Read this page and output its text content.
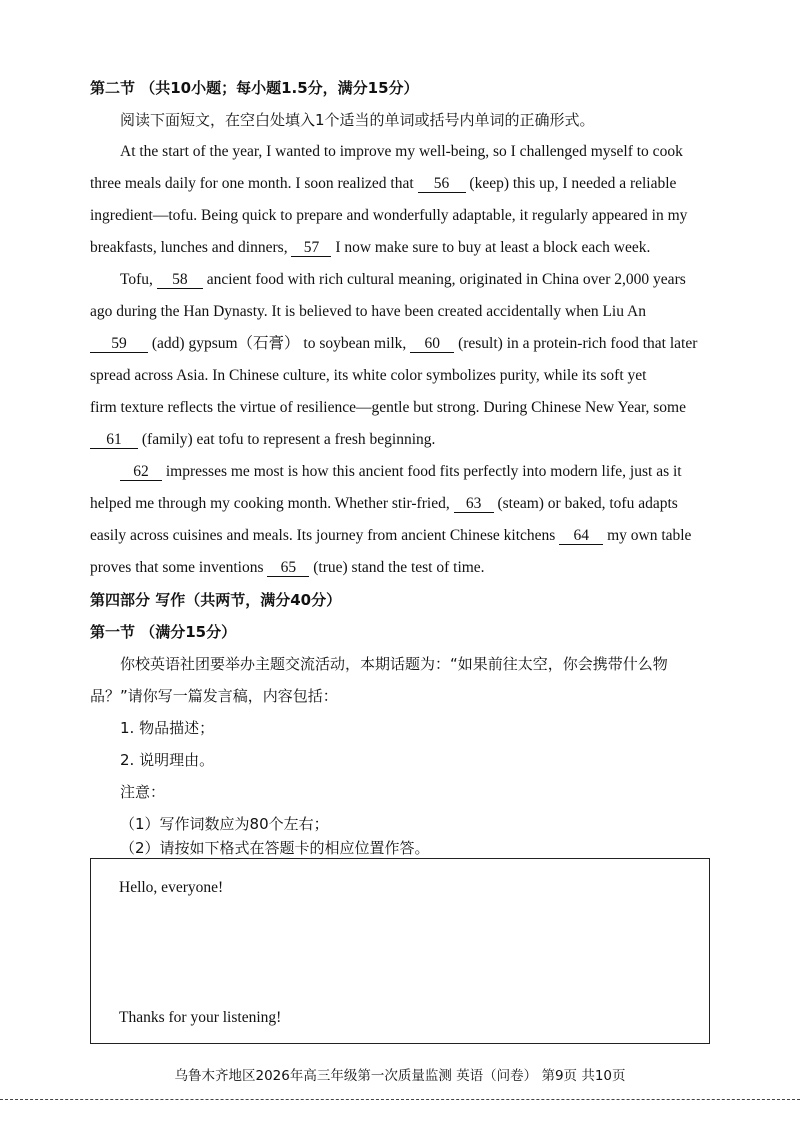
第二节 （共10小题；每小题1.5分，满分15分）
阅读下面短文，在空白处填入1个适当的单词或括号内单词的正确形式。
At the start of the year, I wanted to improve my well-being, so I challenged myself to cook
three meals daily for one month. I soon realized that 56 (keep) this up, I needed a reliable
ingredient—tofu. Being quick to prepare and wonderfully adaptable, it regularly appeared in my
breakfasts, lunches and dinners, 57 I now make sure to buy at least a block each week.
Tofu, 58 ancient food with rich cultural meaning, originated in China over 2,000 years
ago during the Han Dynasty. It is believed to have been created accidentally when Liu An
59 (add) gypsum（石膏） to soybean milk, 60 (result) in a protein-rich food that later
spread across Asia. In Chinese culture, its white color symbolizes purity, while its soft yet
firm texture reflects the virtue of resilience—gentle but strong. During Chinese New Year, some
61 (family) eat tofu to represent a fresh beginning.
62 impresses me most is how this ancient food fits perfectly into modern life, just as it
helped me through my cooking month. Whether stir-fried, 63 (steam) or baked, tofu adapts
easily across cuisines and meals. Its journey from ancient Chinese kitchens 64 my own table
proves that some inventions 65 (true) stand the test of time.
第四部分 写作（共两节，满分40分）
第一节 （满分15分）
你校英语社团要举办主题交流活动，本期话题为：“如果前往太空，你会携带什么物
品？”请你写一篇发言稿，内容包括：
1. 物品描述；
2. 说明理由。
注意：
（1）写作词数应为80个左右；
（2）请按如下格式在答题卡的相应位置作答。
Hello, everyone!
Thanks for your listening!
乌鲁木齐地区2026年高三年级第一次质量监测 英语（问卷） 第9页 共10页
